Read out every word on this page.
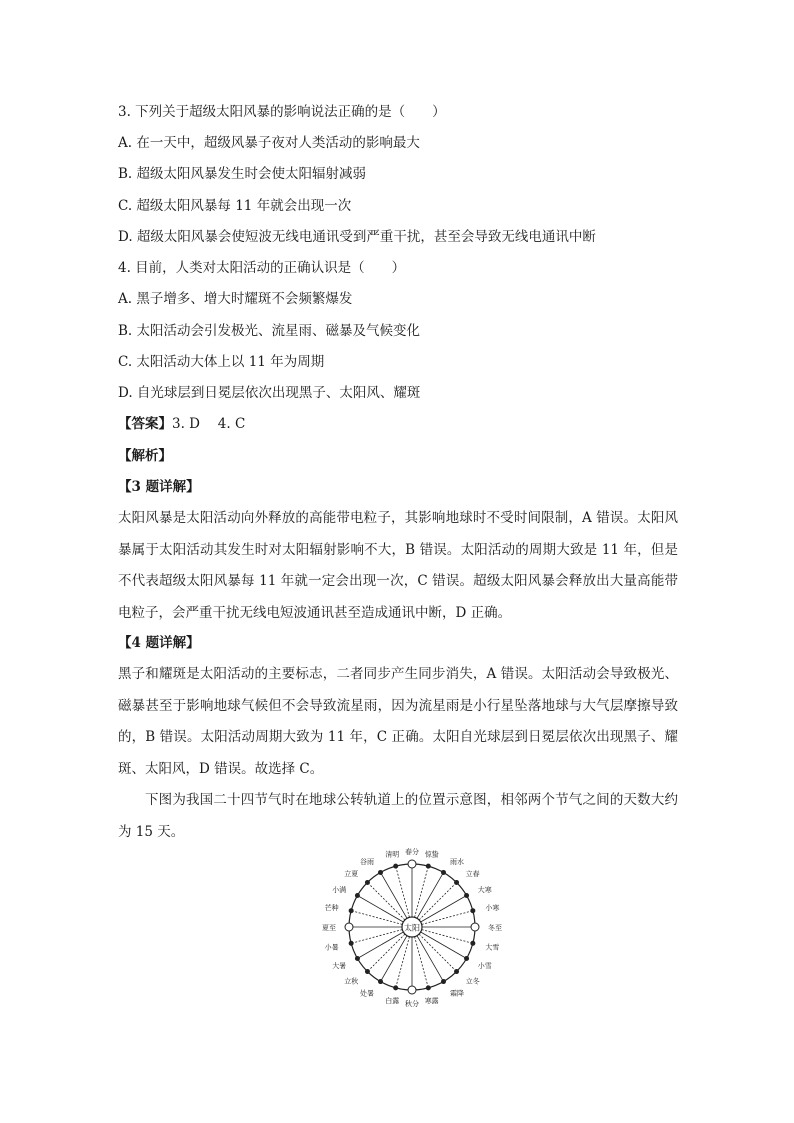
3. 下列关于超级太阳风暴的影响说法正确的是（　　）
A. 在一天中，超级风暴子夜对人类活动的影响最大
B. 超级太阳风暴发生时会使太阳辐射减弱
C. 超级太阳风暴每 11 年就会出现一次
D. 超级太阳风暴会使短波无线电通讯受到严重干扰，甚至会导致无线电通讯中断
4. 目前，人类对太阳活动的正确认识是（　　）
A. 黑子增多、增大时耀斑不会频繁爆发
B. 太阳活动会引发极光、流星雨、磁暴及气候变化
C. 太阳活动大体上以 11 年为周期
D. 自光球层到日冕层依次出现黑子、太阳风、耀斑
【答案】3. D　 4. C
【解析】
【3 题详解】
太阳风暴是太阳活动向外释放的高能带电粒子，其影响地球时不受时间限制，A 错误。太阳风暴属于太阳活动其发生时对太阳辐射影响不大，B 错误。太阳活动的周期大致是 11 年，但是不代表超级太阳风暴每 11 年就一定会出现一次，C 错误。超级太阳风暴会释放出大量高能带电粒子，会严重干扰无线电短波通讯甚至造成通讯中断，D 正确。
【4 题详解】
黑子和耀斑是太阳活动的主要标志，二者同步产生同步消失，A 错误。太阳活动会导致极光、磁暴甚至于影响地球气候但不会导致流星雨，因为流星雨是小行星坠落地球与大气层摩擦导致的，B 错误。太阳活动周期大致为 11 年，C 正确。太阳自光球层到日冕层依次出现黑子、耀斑、太阳风，D 错误。故选择 C。
下图为我国二十四节气时在地球公转轨道上的位置示意图，相邻两个节气之间的天数大约为 15 天。
太阳	冬至
小寒
大寒
立春
雨水
惊蛰
春分
清明
谷雨
立夏
小满
芒种
夏至
小暑
大暑
立秋
处暑
白露 秋分 寒露
霜降
立冬
小雪
大雪
